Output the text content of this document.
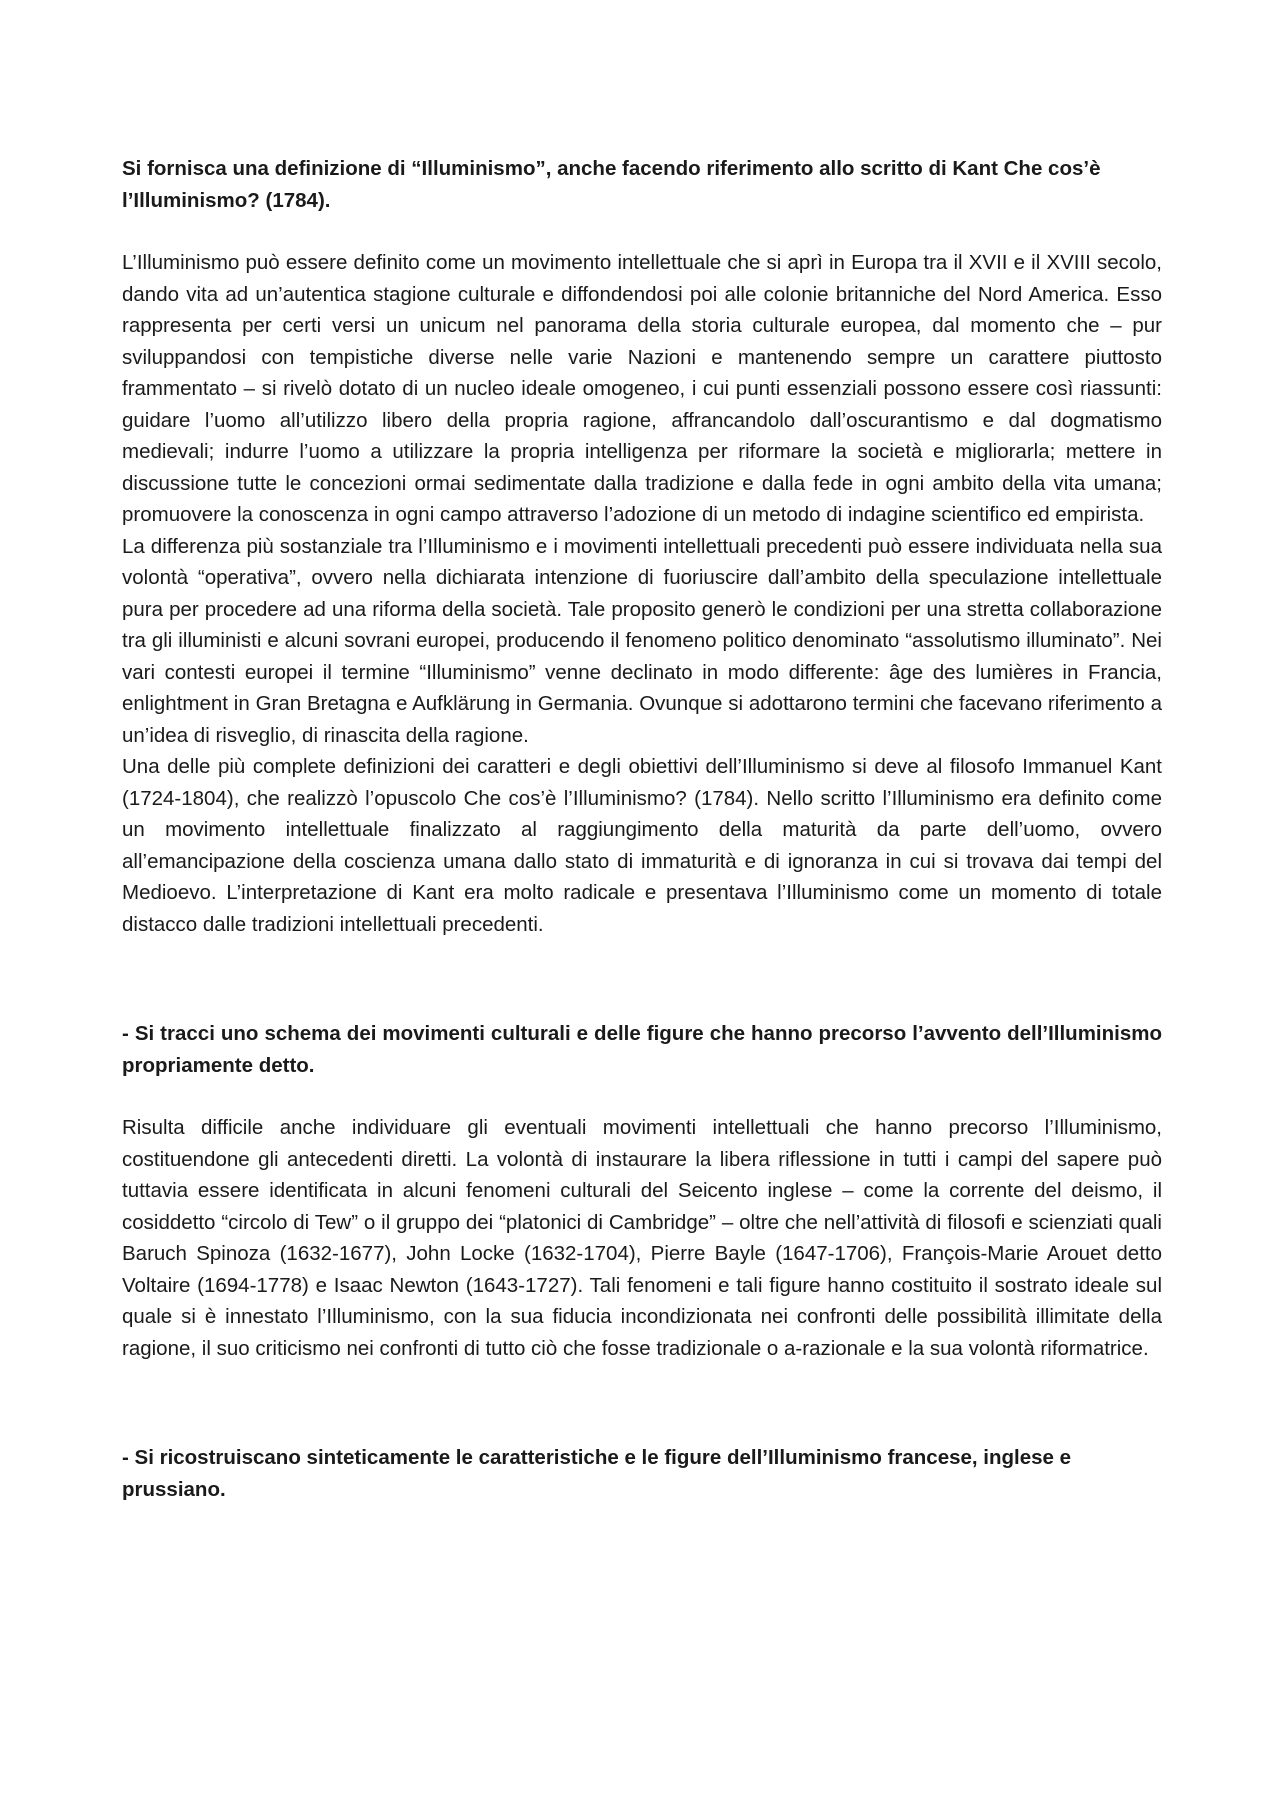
Si fornisca una definizione di “Illuminismo”, anche facendo riferimento allo scritto di Kant Che cos’è l’Illuminismo? (1784).

L’Illuminismo può essere definito come un movimento intellettuale che si aprì in Europa tra il XVII e il XVIII secolo, dando vita ad un’autentica stagione culturale e diffondendosi poi alle colonie britanniche del Nord America. Esso rappresenta per certi versi un unicum nel panorama della storia culturale europea, dal momento che – pur sviluppandosi con tempistiche diverse nelle varie Nazioni e mantenendo sempre un carattere piuttosto frammentato – si rivelò dotato di un nucleo ideale omogeneo, i cui punti essenziali possono essere così riassunti: guidare l’uomo all’utilizzo libero della propria ragione, affrancandolo dall’oscurantismo e dal dogmatismo medievali; indurre l’uomo a utilizzare la propria intelligenza per riformare la società e migliorarla; mettere in discussione tutte le concezioni ormai sedimentate dalla tradizione e dalla fede in ogni ambito della vita umana; promuovere la conoscenza in ogni campo attraverso l’adozione di un metodo di indagine scientifico ed empirista.

La differenza più sostanziale tra l’Illuminismo e i movimenti intellettuali precedenti può essere individuata nella sua volontà “operativa”, ovvero nella dichiarata intenzione di fuoriuscire dall’ambito della speculazione intellettuale pura per procedere ad una riforma della società. Tale proposito generò le condizioni per una stretta collaborazione tra gli illuministi e alcuni sovrani europei, producendo il fenomeno politico denominato “assolutismo illuminato”. Nei vari contesti europei il termine “Illuminismo” venne declinato in modo differente: âge des lumières in Francia, enlightment in Gran Bretagna e Aufklärung in Germania. Ovunque si adottarono termini che facevano riferimento a un’idea di risveglio, di rinascita della ragione.

Una delle più complete definizioni dei caratteri e degli obiettivi dell’Illuminismo si deve al filosofo Immanuel Kant (1724-1804), che realizzò l’opuscolo Che cos’è l’Illuminismo? (1784). Nello scritto l’Illuminismo era definito come un movimento intellettuale finalizzato al raggiungimento della maturità da parte dell’uomo, ovvero all’emancipazione della coscienza umana dallo stato di immaturità e di ignoranza in cui si trovava dai tempi del Medioevo. L’interpretazione di Kant era molto radicale e presentava l’Illuminismo come un momento di totale distacco dalle tradizioni intellettuali precedenti.

- Si tracci uno schema dei movimenti culturali e delle figure che hanno precorso l’avvento dell’Illuminismo propriamente detto.

Risulta difficile anche individuare gli eventuali movimenti intellettuali che hanno precorso l’Illuminismo, costituendone gli antecedenti diretti. La volontà di instaurare la libera riflessione in tutti i campi del sapere può tuttavia essere identificata in alcuni fenomeni culturali del Seicento inglese – come la corrente del deismo, il cosiddetto “circolo di Tew” o il gruppo dei “platonici di Cambridge” – oltre che nell’attività di filosofi e scienziati quali Baruch Spinoza (1632-1677), John Locke (1632-1704), Pierre Bayle (1647-1706), François-Marie Arouet detto Voltaire (1694-1778) e Isaac Newton (1643-1727). Tali fenomeni e tali figure hanno costituito il sostrato ideale sul quale si è innestato l’Illuminismo, con la sua fiducia incondizionata nei confronti delle possibilità illimitate della ragione, il suo criticismo nei confronti di tutto ciò che fosse tradizionale o a-razionale e la sua volontà riformatrice.

- Si ricostruiscano sinteticamente le caratteristiche e le figure dell’Illuminismo francese, inglese e prussiano.
